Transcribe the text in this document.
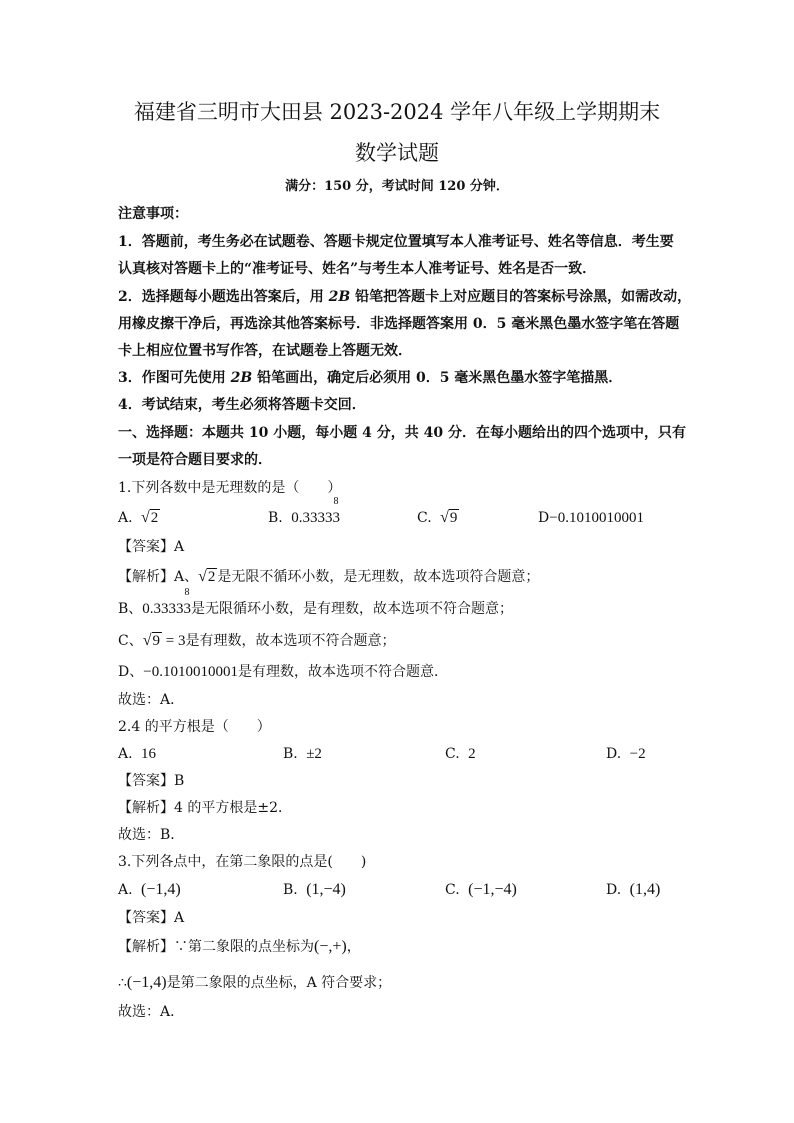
福建省三明市大田县 2023-2024 学年八年级上学期期末
数学试题
满分：150 分，考试时间 120 分钟．
注意事项：
1．答题前，考生务必在试题卷、答题卡规定位置填写本人准考证号、姓名等信息．考生要
认真核对答题卡上的“准考证号、姓名”与考生本人准考证号、姓名是否一致．
2．选择题每小题选出答案后，用 2B 铅笔把答题卡上对应题目的答案标号涂黑，如需改动，
用橡皮擦干净后，再选涂其他答案标号．非选择题答案用 0．5 毫米黑色墨水签字笔在答题
卡上相应位置书写作答，在试题卷上答题无效．
3．作图可先使用 2B 铅笔画出，确定后必须用 0．5 毫米黑色墨水签字笔描黑．
4．考试结束，考生必须将答题卡交回．
一、选择题：本题共 10 小题，每小题 4 分，共 40 分．在每小题给出的四个选项中，只有
一项是符合题目要求的．
1.下列各数中是无理数的是（　　）
A. √2	B. 0.3333
8
3	C. √9	D−0.1010010001
【答案】A
【解析】A、√2 是无限不循环小数，是无理数，故本选项符合题意；
B、0.3333
8
3是无限循环小数，是有理数，故本选项不符合题意；
C、√9 = 3是有理数，故本选项不符合题意；
D、−0.1010010001是有理数，故本选项不符合题意．
故选：A．
2.4 的平方根是（　　）
A. 16	B. ±2	C. 2	D. −2
【答案】B
【解析】4 的平方根是±2．
故选：B．
3.下列各点中，在第二象限的点是(　　)
A. (−1,4)	B. (1,−4)	C. (−1,−4)	D. (1,4)
【答案】A
【解析】∵第二象限的点坐标为(−,+)，
∴(−1,4)是第二象限的点坐标，A 符合要求；
故选：A．
